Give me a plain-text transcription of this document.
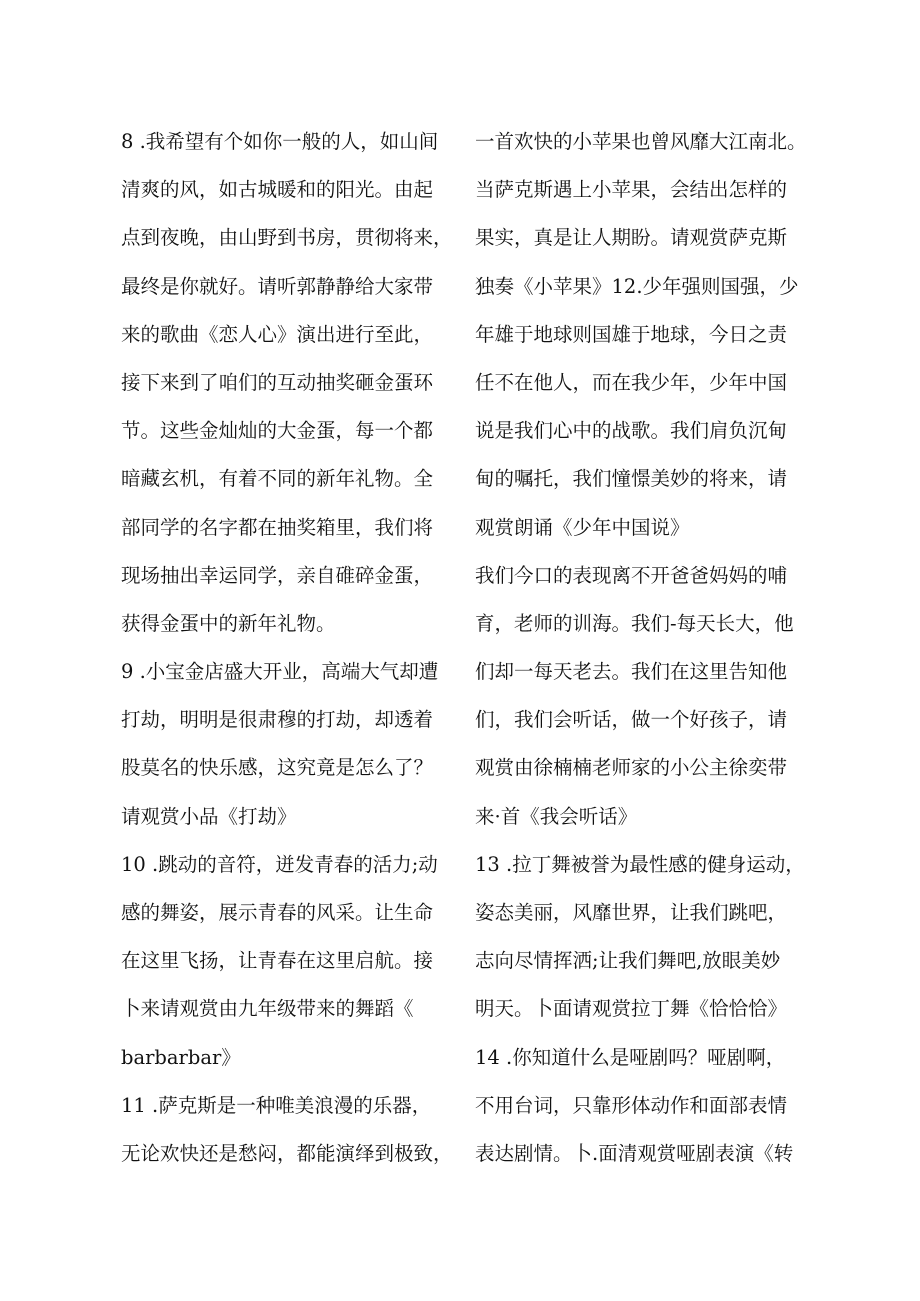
8 .我希望有个如你一般的人，如山间
清爽的风，如古城暖和的阳光。由起
点到夜晚，由山野到书房，贯彻将来，
最终是你就好。请听郭静静给大家带
来的歌曲《恋人心》演出进行至此，
接下来到了咱们的互动抽奖砸金蛋环
节。这些金灿灿的大金蛋，每一个都
暗藏玄机，有着不同的新年礼物。全
部同学的名字都在抽奖箱里，我们将
现场抽出幸运同学，亲自碓碎金蛋，
获得金蛋中的新年礼物。
9 .小宝金店盛大开业，高端大气却遭
打劫，明明是很肃穆的打劫，却透着
股莫名的快乐感，这究竟是怎么了？
请观赏小品《打劫》
10 .跳动的音符，迸发青春的活力;动
感的舞姿，展示青春的风采。让生命
在这里飞扬，让青春在这里启航。接
卜来请观赏由九年级带来的舞蹈《
barbarbar》
11 .萨克斯是一种唯美浪漫的乐器，
无论欢快还是愁闷，都能演绎到极致，
一首欢快的小苹果也曾风靡大江南北。
当萨克斯遇上小苹果，会结出怎样的
果实，真是让人期盼。请观赏萨克斯
独奏《小苹果》12.少年强则国强，少
年雄于地球则国雄于地球，今日之责
任不在他人，而在我少年，少年中国
说是我们心中的战歌。我们肩负沉甸
甸的嘱托，我们憧憬美妙的将来，请
观赏朗诵《少年中国说》
我们今口的表现离不开爸爸妈妈的哺
育，老师的训海。我们-每天长大，他
们却一每天老去。我们在这里告知他
们，我们会听话，做一个好孩子，请
观赏由徐楠楠老师家的小公主徐奕带
来·首《我会听话》
13 .拉丁舞被誉为最性感的健身运动，
姿态美丽，风靡世界，让我们跳吧，
志向尽情挥洒;让我们舞吧,放眼美妙
明天。卜面请观赏拉丁舞《恰恰恰》
14 .你知道什么是哑剧吗？哑剧啊，
不用台词，只靠形体动作和面部表情
表达剧情。卜.面清观赏哑剧表演《转
